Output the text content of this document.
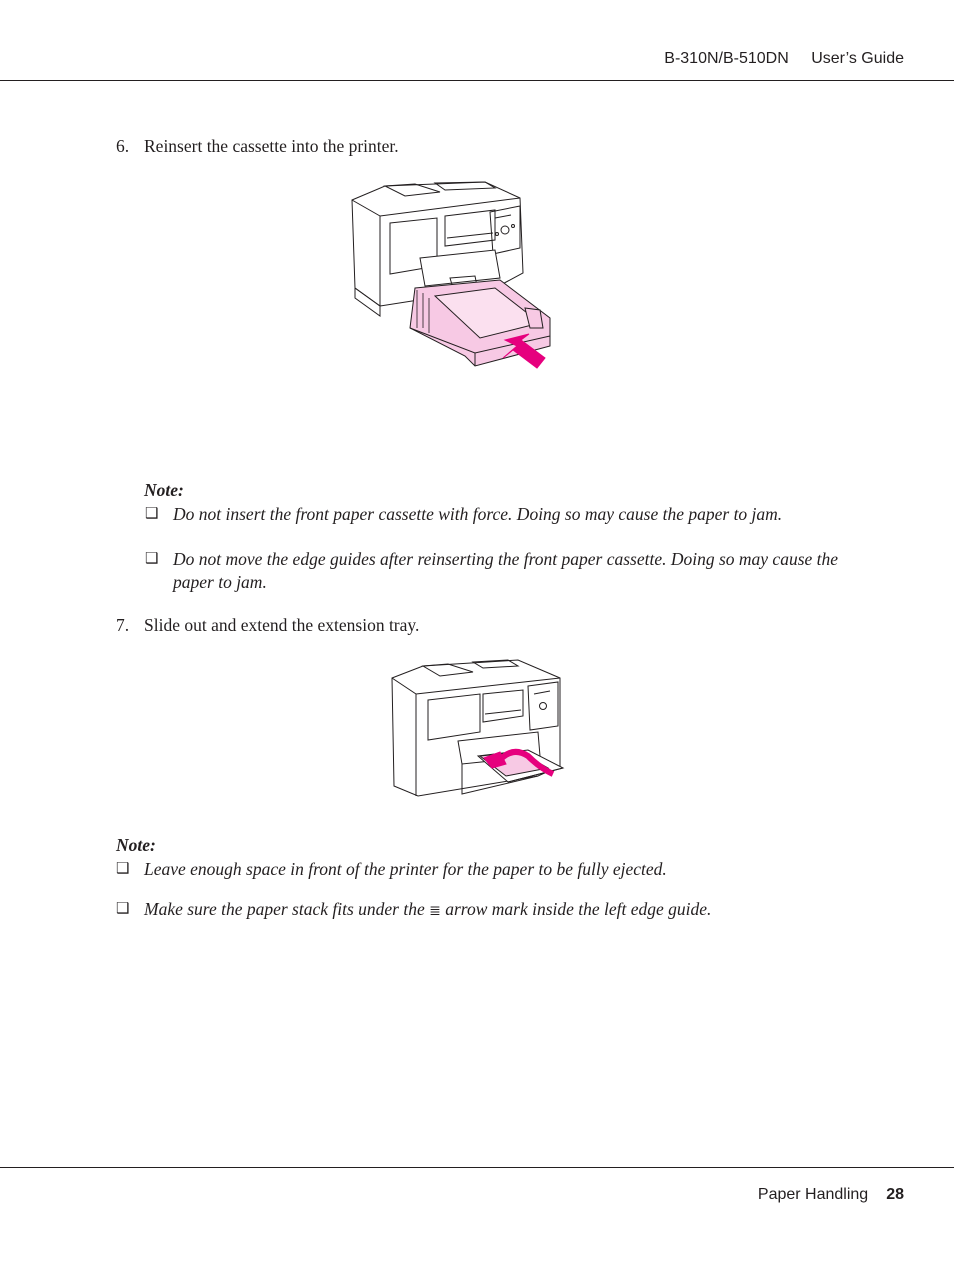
B-310N/B-510DN User’s Guide
6. Reinsert the cassette into the printer.
Note:
❑ Do not insert the front paper cassette with force. Doing so may cause the paper to jam.
❑ Do not move the edge guides after reinserting the front paper cassette. Doing so may cause the
paper to jam.
7. Slide out and extend the extension tray.
Note:
❑ Leave enough space in front of the printer for the paper to be fully ejected.
❑ Make sure the paper stack fits under the ≣ arrow mark inside the left edge guide.
Paper Handling 28
